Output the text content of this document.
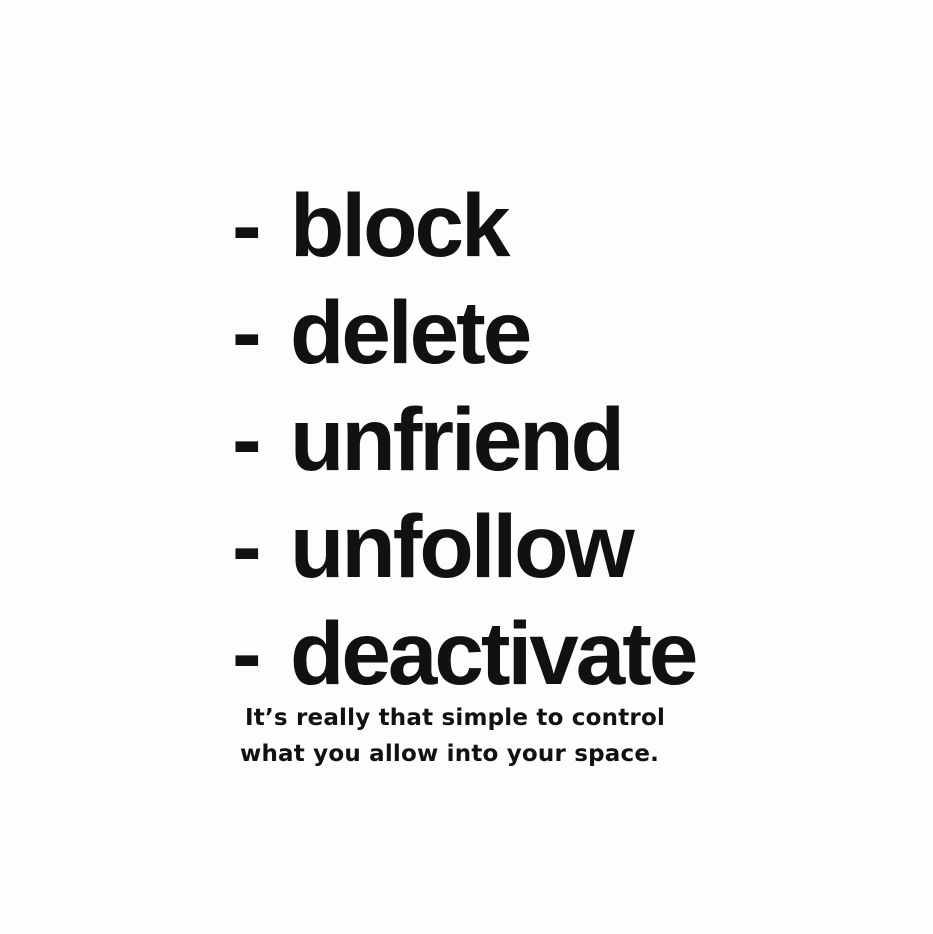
- block
- delete
- unfriend
- unfollow
- deactivate
It’s really that simple to control
what you allow into your space.
